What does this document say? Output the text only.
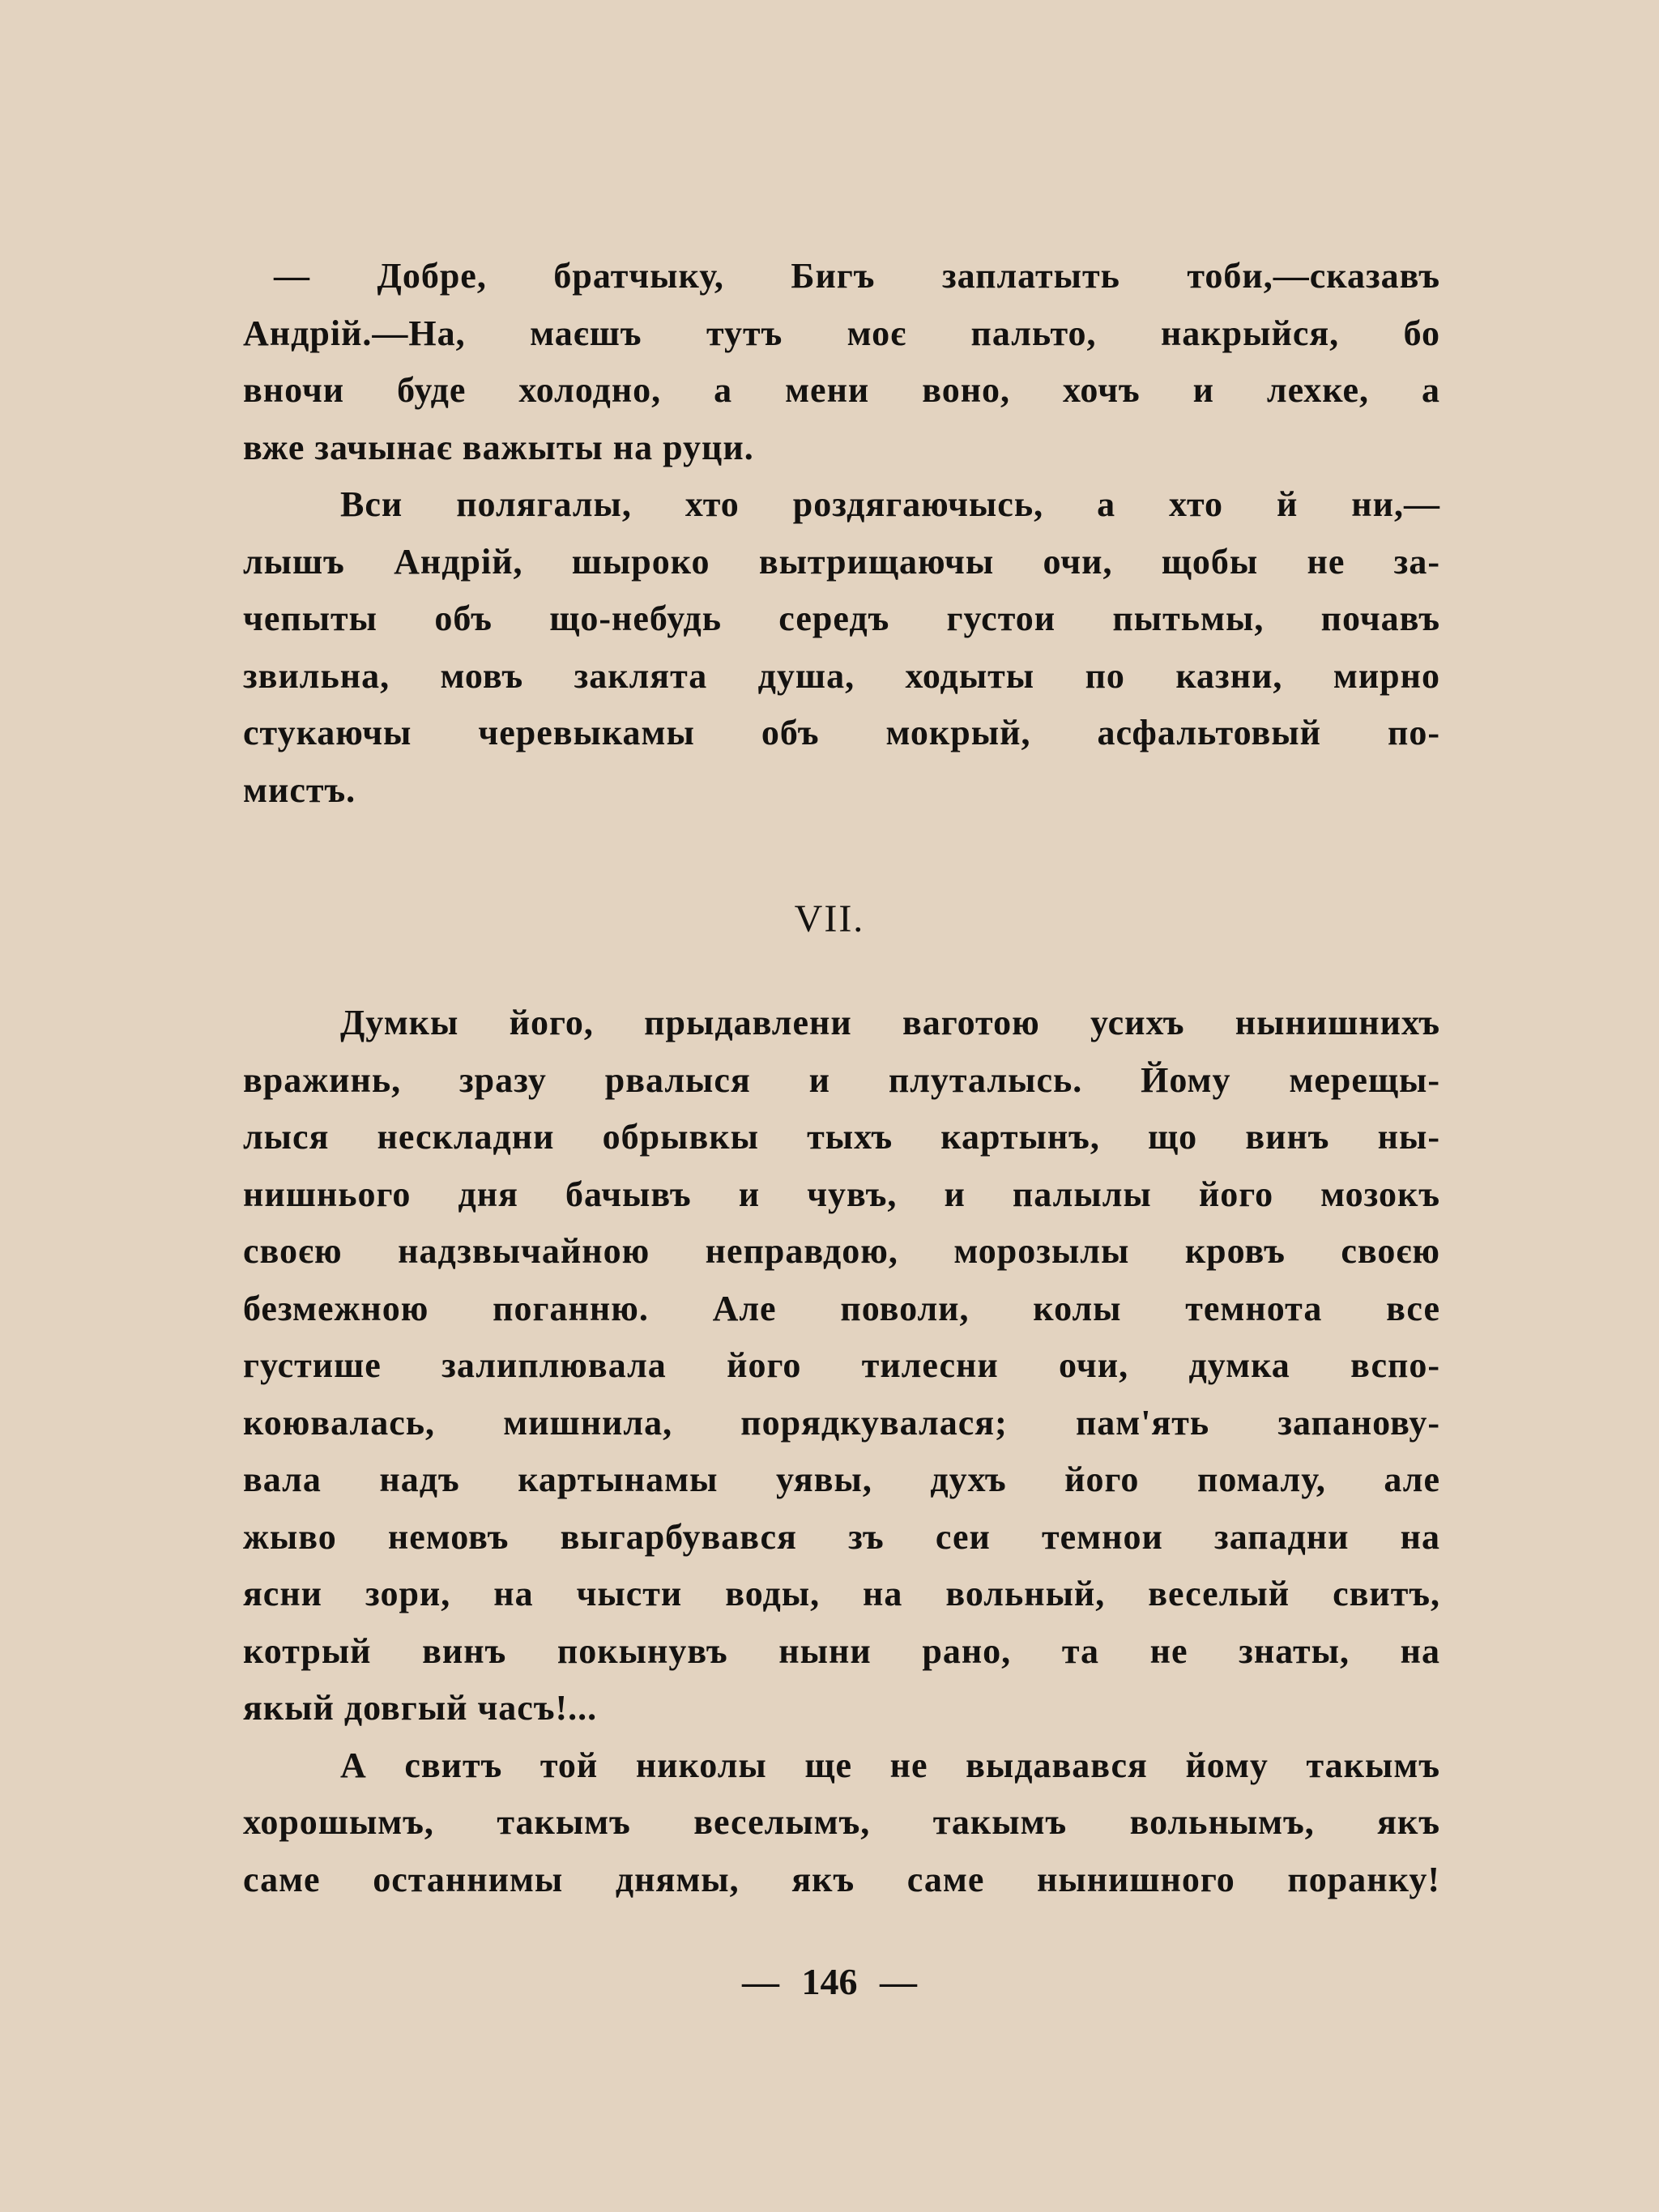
— Добре, братчыку, Бигъ заплатыть тоби,—сказавъ
Андрій.—На, маєшъ тутъ моє пальто, накрыйся, бо
вночи буде холодно, а мени воно, хочъ и лехке, а
вже зачынає важыты на руци.
Вси полягалы, хто роздягаючысь, а хто й ни,—
лышъ Андрій, шыроко вытрищаючы очи, щобы не за-
чепыты объ що-небудь середъ густои пытьмы, почавъ
звильна, мовъ заклята душа, ходыты по казни, мирно
стукаючы черевыкамы объ мокрый, асфальтовый по-
мистъ.
VII.
Думкы його, прыдавлени ваготою усихъ нынишнихъ
вражинь, зразу рвалыся и плуталысь. Йому мерещы-
лыся нескладни обрывкы тыхъ картынъ, що винъ ны-
нишнього дня бачывъ и чувъ, и палылы його мозокъ
своєю надзвычайною неправдою, морозылы кровъ своєю
безмежною поганню. Але поволи, колы темнота все
густише залиплювала його тилесни очи, думка вспо-
коювалась, мишнила, порядкувалася; пам'ять запанову-
вала надъ картынамы уявы, духъ його помалу, але
жыво немовъ выгарбувався зъ сеи темнои западни на
ясни зори, на чысти воды, на вольный, веселый свитъ,
котрый винъ покынувъ ныни рано, та не знаты, на
якый довгый часъ!...
А свитъ той николы ще не выдавався йому такымъ
хорошымъ, такымъ веселымъ, такымъ вольнымъ, якъ
саме останнимы днямы, якъ саме нынишного поранку!
— 146 —
